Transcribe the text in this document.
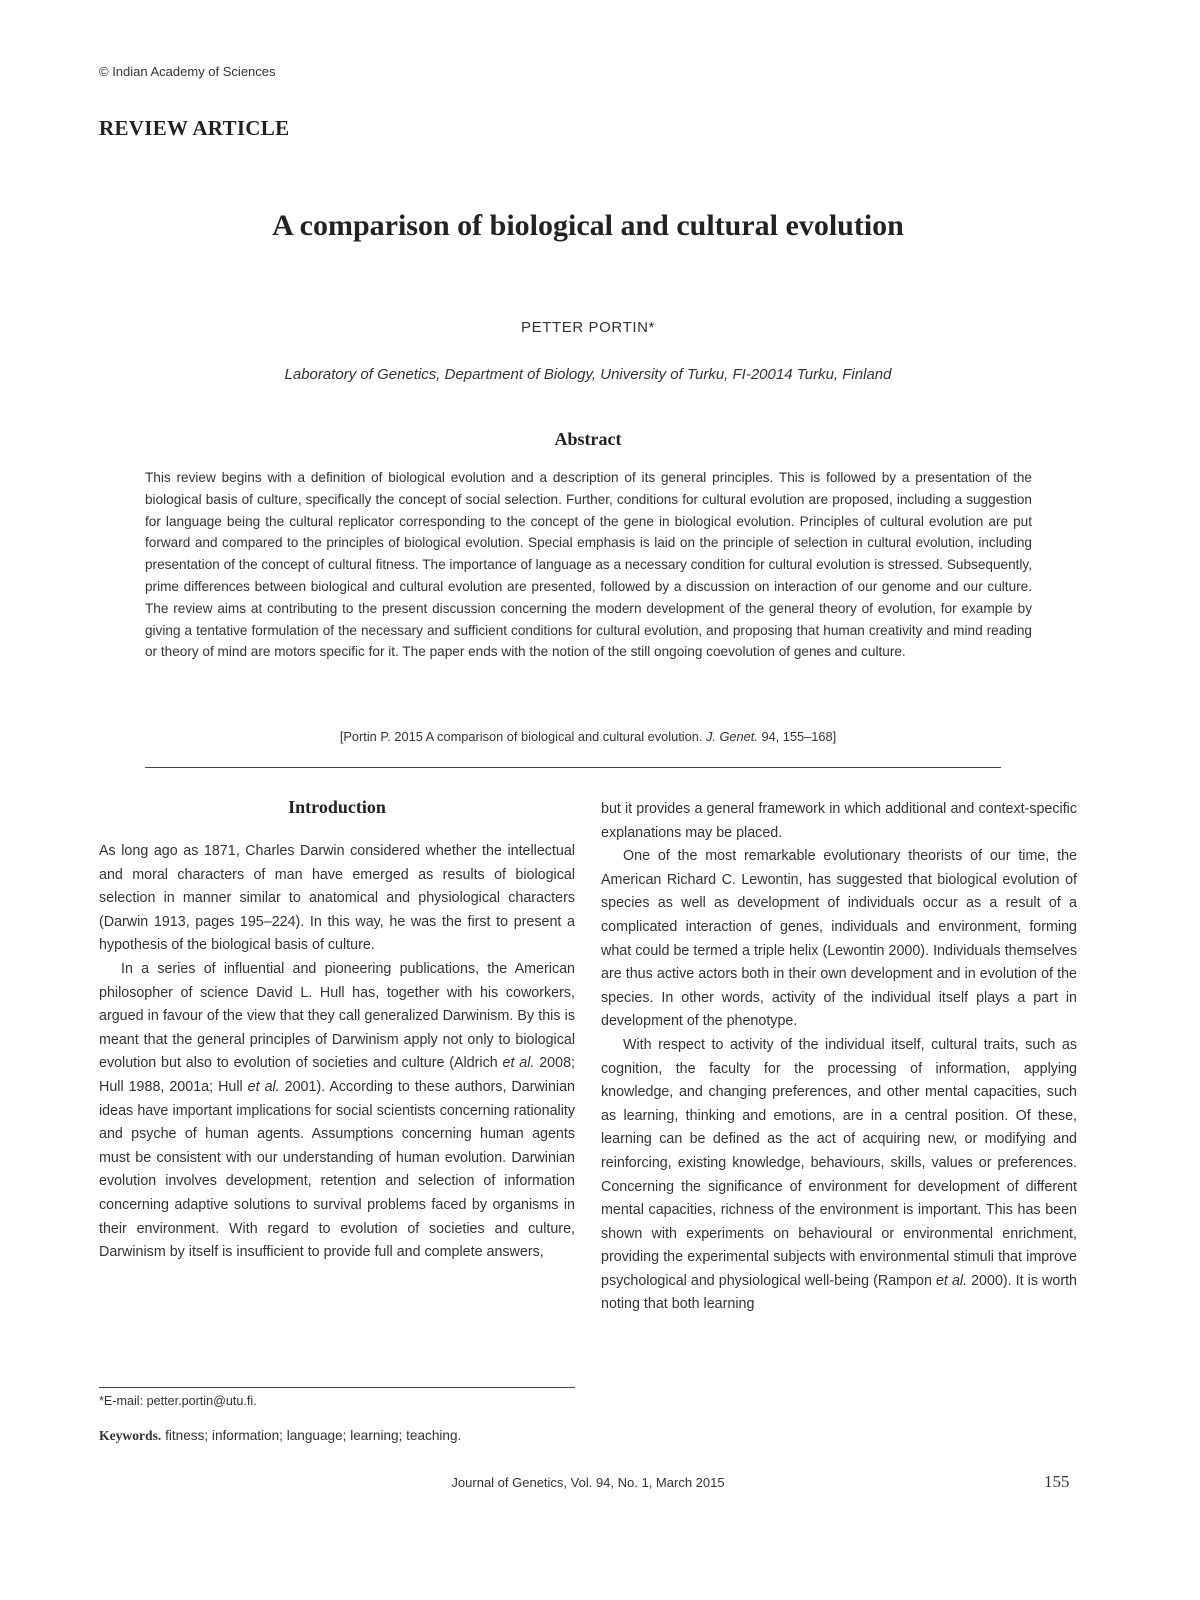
© Indian Academy of Sciences
REVIEW ARTICLE
A comparison of biological and cultural evolution
PETTER PORTIN*
Laboratory of Genetics, Department of Biology, University of Turku, FI-20014 Turku, Finland
Abstract

This review begins with a definition of biological evolution and a description of its general principles. This is followed by a presentation of the biological basis of culture, specifically the concept of social selection. Further, conditions for cultural evolution are proposed, including a suggestion for language being the cultural replicator corresponding to the concept of the gene in biological evolution. Principles of cultural evolution are put forward and compared to the principles of biological evolution. Special emphasis is laid on the principle of selection in cultural evolution, including presentation of the concept of cultural fitness. The importance of language as a necessary condition for cultural evolution is stressed. Subsequently, prime differences between biological and cultural evolution are presented, followed by a discussion on interaction of our genome and our culture. The review aims at contributing to the present discussion concerning the modern development of the general theory of evolution, for example by giving a tentative formulation of the necessary and sufficient conditions for cultural evolution, and proposing that human creativity and mind reading or theory of mind are motors specific for it. The paper ends with the notion of the still ongoing coevolution of genes and culture.

[Portin P. 2015 A comparison of biological and cultural evolution. J. Genet. 94, 155–168]
Introduction

As long ago as 1871, Charles Darwin considered whether the intellectual and moral characters of man have emerged as results of biological selection in manner similar to anatomical and physiological characters (Darwin 1913, pages 195–224). In this way, he was the first to present a hypothesis of the biological basis of culture.

In a series of influential and pioneering publications, the American philosopher of science David L. Hull has, together with his coworkers, argued in favour of the view that they call generalized Darwinism. By this is meant that the general principles of Darwinism apply not only to biological evolution but also to evolution of societies and culture (Aldrich et al. 2008; Hull 1988, 2001a; Hull et al. 2001). According to these authors, Darwinian ideas have important implications for social scientists concerning rationality and psyche of human agents. Assumptions concerning human agents must be consistent with our understanding of human evolution. Darwinian evolution involves development, retention and selection of information concerning adaptive solutions to survival problems faced by organisms in their environment. With regard to evolution of societies and culture, Darwinism by itself is insufficient to provide full and complete answers,

but it provides a general framework in which additional and context-specific explanations may be placed.

One of the most remarkable evolutionary theorists of our time, the American Richard C. Lewontin, has suggested that biological evolution of species as well as development of individuals occur as a result of a complicated interaction of genes, individuals and environment, forming what could be termed a triple helix (Lewontin 2000). Individuals themselves are thus active actors both in their own development and in evolution of the species. In other words, activity of the individual itself plays a part in development of the phenotype.

With respect to activity of the individual itself, cultural traits, such as cognition, the faculty for the processing of information, applying knowledge, and changing preferences, and other mental capacities, such as learning, thinking and emotions, are in a central position. Of these, learning can be defined as the act of acquiring new, or modifying and reinforcing, existing knowledge, behaviours, skills, values or preferences. Concerning the significance of environment for development of different mental capacities, richness of the environment is important. This has been shown with experiments on behavioural or environmental enrichment, providing the experimental subjects with environmental stimuli that improve psychological and physiological well-being (Rampon et al. 2000). It is worth noting that both learning

*E-mail: petter.portin@utu.fi.
Keywords. fitness; information; language; learning; teaching.
Journal of Genetics, Vol. 94, No. 1, March 2015	155
